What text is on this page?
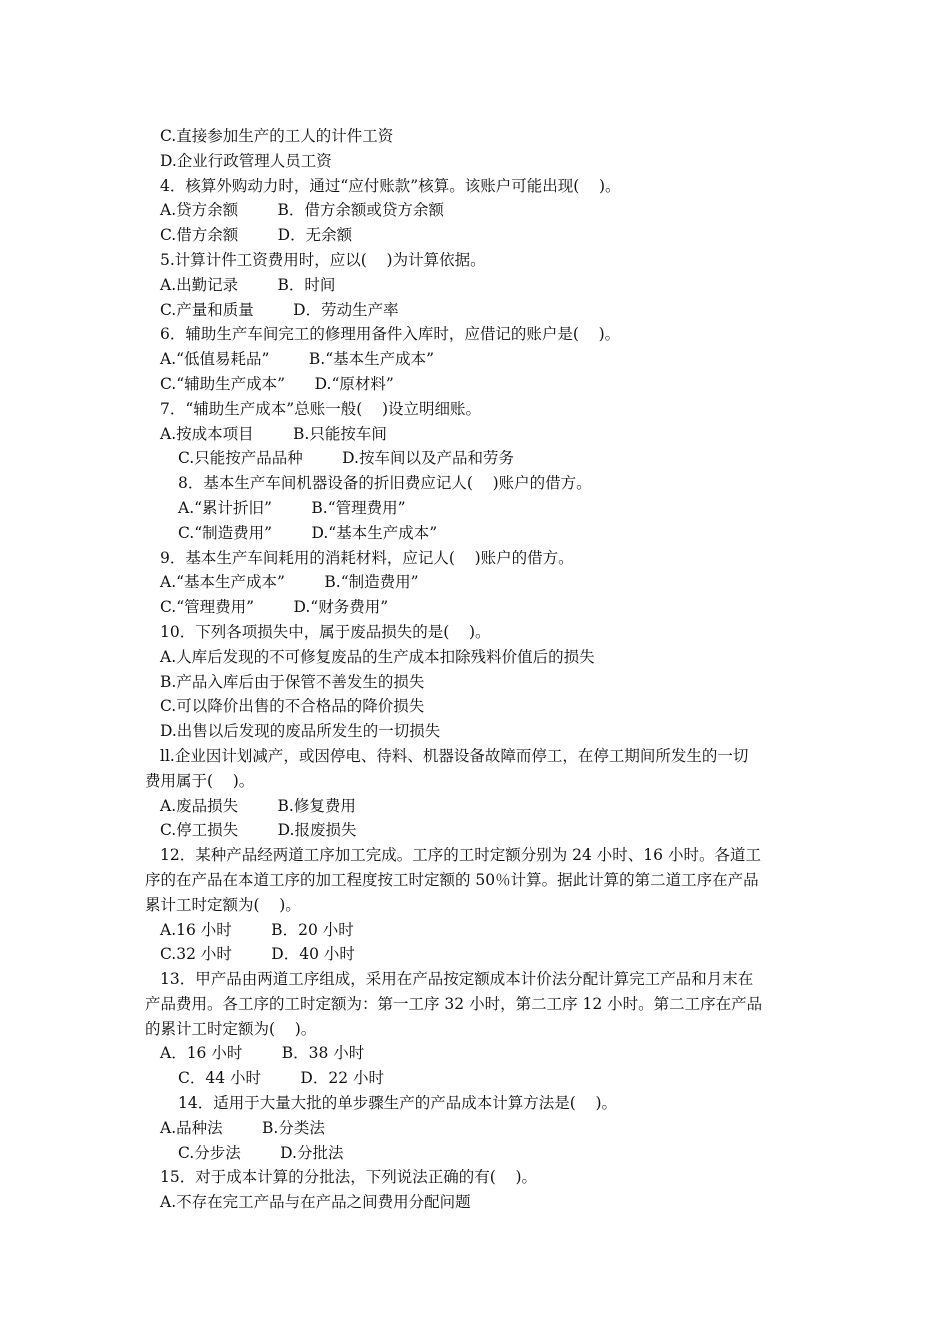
C.直接参加生产的工人的计件工资
D.企业行政管理人员工资
4．核算外购动力时，通过“应付账款”核算。该账户可能出现(    )。
A.贷方余额        B．借方余额或贷方余额
C.借方余额        D．无余额
5.计算计件工资费用时，应以(    )为计算依据。
A.出勤记录        B．时间
C.产量和质量        D．劳动生产率
6．辅助生产车间完工的修理用备件入库时，应借记的账户是(    )。
A.“低值易耗品”        B.“基本生产成本”
C.“辅助生产成本”      D.“原材料”
7．“辅助生产成本”总账一般(    )设立明细账。
A.按成本项目        B.只能按车间
C.只能按产品品种        D.按车间以及产品和劳务
8．基本生产车间机器设备的折旧费应记人(    )账户的借方。
A.“累计折旧”        B.“管理费用”
C.“制造费用”        D.“基本生产成本”
9．基本生产车间耗用的消耗材料，应记人(    )账户的借方。
A.“基本生产成本”        B.“制造费用”
C.“管理费用”        D.“财务费用”
10．下列各项损失中，属于废品损失的是(    )。
A.人库后发现的不可修复废品的生产成本扣除残料价值后的损失
B.产品入库后由于保管不善发生的损失
C.可以降价出售的不合格品的降价损失
D.出售以后发现的废品所发生的一切损失
ll.企业因计划减产，或因停电、待料、机器设备故障而停工，在停工期间所发生的一切
费用属于(    )。
A.废品损失        B.修复费用
C.停工损失        D.报废损失
12．某种产品经两道工序加工完成。工序的工时定额分别为 24 小时、16 小时。各道工
序的在产品在本道工序的加工程度按工时定额的 50％计算。据此计算的第二道工序在产品
累计工时定额为(    )。
A.16 小时        B．20 小时
C.32 小时        D．40 小时
13．甲产品由两道工序组成，采用在产品按定额成本计价法分配计算完工产品和月末在
产品费用。各工序的工时定额为：第一工序 32 小时，第二工序 12 小时。第二工序在产品
的累计工时定额为(    )。
A．16 小时        B．38 小时
C．44 小时        D．22 小时
14．适用于大量大批的单步骤生产的产品成本计算方法是(    )。
A.品种法        B.分类法
C.分步法        D.分批法
15．对于成本计算的分批法，下列说法正确的有(    )。
A.不存在完工产品与在产品之间费用分配问题
